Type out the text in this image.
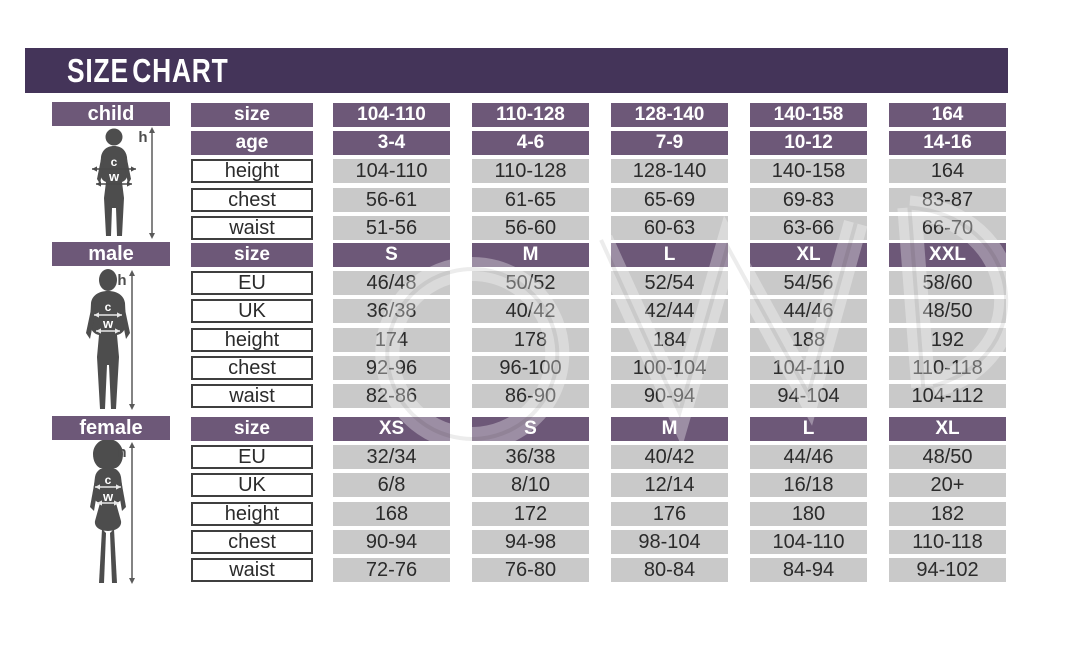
SIZE CHART
c
w
h
c
w
h
c
w
h
child	size	104-110	110-128	128-140	140-158	164
age	3-4	4-6	7-9	10-12	14-16
height	104-110	110-128	128-140	140-158	164
chest	56-61	61-65	65-69	69-83	83-87
waist	51-56	56-60	60-63	63-66	66-70
male	size	S	M	L	XL	XXL
EU	46/48	50/52	52/54	54/56	58/60
UK	36/38	40/42	42/44	44/46	48/50
height	174	178	184	188	192
chest	92-96	96-100	100-104	104-110	110-118
waist	82-86	86-90	90-94	94-104	104-112
female	size	XS	S	M	L	XL
EU	32/34	36/38	40/42	44/46	48/50
UK	6/8	8/10	12/14	16/18	20+
height	168	172	176	180	182
chest	90-94	94-98	98-104	104-110	110-118
waist	72-76	76-80	80-84	84-94	94-102
